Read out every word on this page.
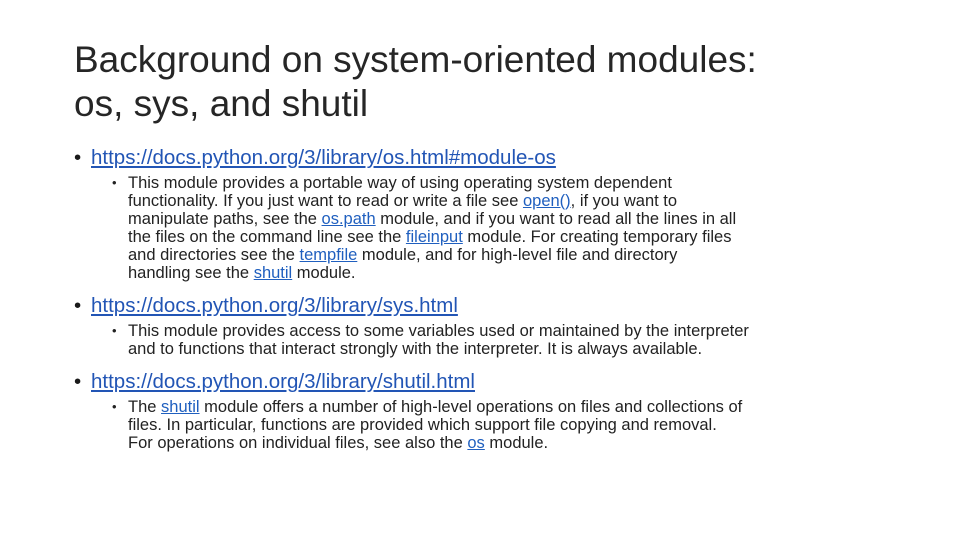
Background on system-oriented modules:
os, sys, and shutil
• https://docs.python.org/3/library/os.html#module-os
• This module provides a portable way of using operating system dependent
functionality. If you just want to read or write a file see open(), if you want to
manipulate paths, see the os.path module, and if you want to read all the lines in all
the files on the command line see the fileinput module. For creating temporary files
and directories see the tempfile module, and for high-level file and directory
handling see the shutil module.
• https://docs.python.org/3/library/sys.html
• This module provides access to some variables used or maintained by the interpreter
and to functions that interact strongly with the interpreter. It is always available.
• https://docs.python.org/3/library/shutil.html
• The shutil module offers a number of high-level operations on files and collections of
files. In particular, functions are provided which support file copying and removal.
For operations on individual files, see also the os module.
